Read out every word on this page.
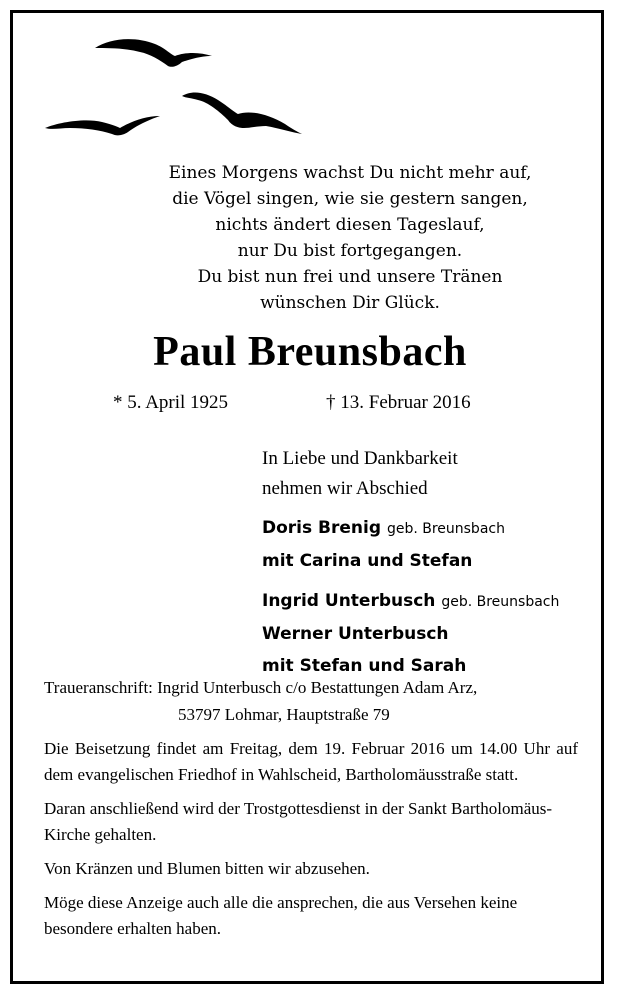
Eines Morgens wachst Du nicht mehr auf,
die Vögel singen, wie sie gestern sangen,
nichts ändert diesen Tageslauf,
nur Du bist fortgegangen.
Du bist nun frei und unsere Tränen
wünschen Dir Glück.
Paul Breunsbach
* 5. April 1925	† 13. Februar 2016
In Liebe und Dankbarkeit
nehmen wir Abschied
Doris Brenig geb. Breunsbach
mit Carina und Stefan
Ingrid Unterbusch geb. Breunsbach
Werner Unterbusch
mit Stefan und Sarah
Traueranschrift: Ingrid Unterbusch c/o Bestattungen Adam Arz,
53797 Lohmar, Hauptstraße 79

Die Beisetzung findet am Freitag, dem 19. Februar 2016 um 14.00 Uhr auf dem evangelischen Friedhof in Wahlscheid, Bartholomäusstraße statt.

Daran anschließend wird der Trostgottesdienst in der Sankt Bartholomäus-Kirche gehalten.

Von Kränzen und Blumen bitten wir abzusehen.

Möge diese Anzeige auch alle die ansprechen, die aus Versehen keine besondere erhalten haben.
